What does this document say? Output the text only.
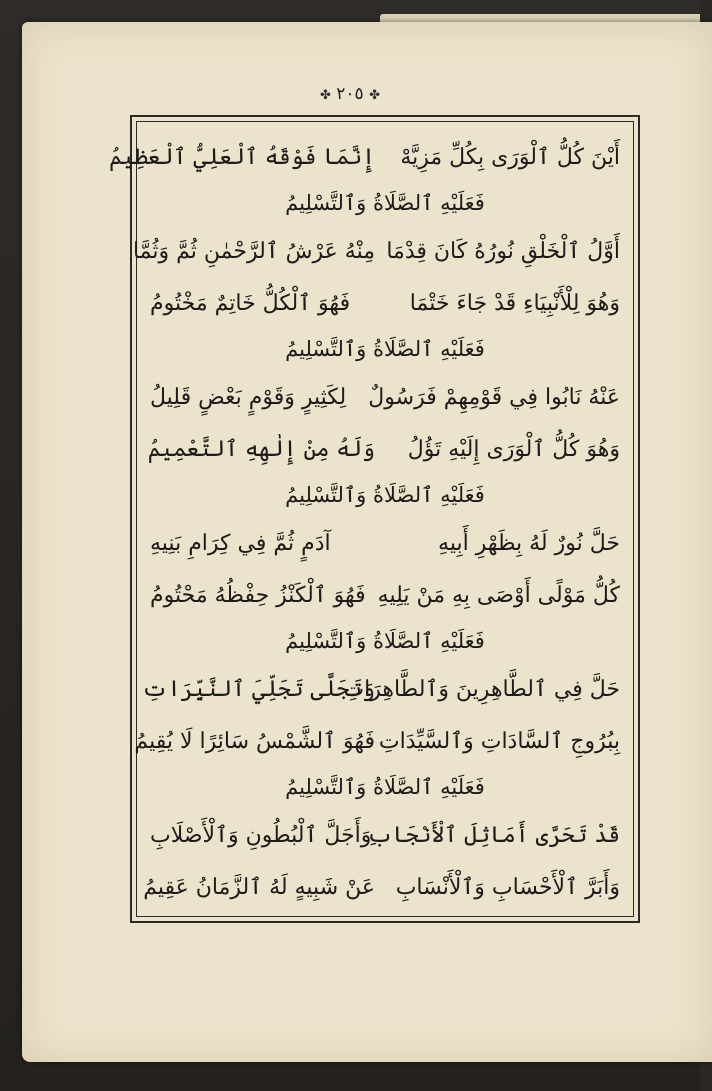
✤ ٢٠٥ ✤
أَيْنَ كُلُّ ٱلْوَرَى بِكُلِّ مَزِيَّهْ
إِنَّمَا فَوْقَهُ ٱلْعَلِيُّ ٱلْعَظِيمُ
فَعَلَيْهِ ٱلصَّلَاةُ وَٱلتَّسْلِيمُ
أَوَّلُ ٱلْخَلْقِ نُورُهُ كَانَ قِدْمَا
مِنْهُ عَرْشُ ٱلرَّحْمٰنِ ثُمَّ وَثُمَّا
وَهُوَ لِلْأَنْبِيَاءِ قَدْ جَاءَ خَتْمَا
فَهُوَ ٱلْكُلُّ خَاتِمٌ مَخْتُومُ
فَعَلَيْهِ ٱلصَّلَاةُ وَٱلتَّسْلِيمُ
عَنْهُ نَابُوا فِي قَوْمِهِمْ فَرَسُولٌ
لِكَثِيرٍ وَقَوْمٍ بَعْضٍ قَلِيلُ
وَهُوَ كُلُّ ٱلْوَرَى إِلَيْهِ تَؤُلُ
وَلَهُ مِنْ إِلٰهِهِ ٱلتَّعْمِيمُ
فَعَلَيْهِ ٱلصَّلَاةُ وَٱلتَّسْلِيمُ
حَلَّ نُورٌ لَهُ بِظَهْرِ أَبِيهِ
آدَمٍ ثُمَّ فِي كِرَامِ بَنِيهِ
كُلُّ مَوْلًى أَوْصَى بِهِ مَنْ يَلِيهِ
فَهُوَ ٱلْكَنْزُ حِفْظُهُ مَحْتُومُ
فَعَلَيْهِ ٱلصَّلَاةُ وَٱلتَّسْلِيمُ
حَلَّ فِي ٱلطَّاهِرِينَ وَٱلطَّاهِرَاتِ
وَتَجَلَّى تَجَلِّيَ ٱلنَّيِّرَاتِ
بِبُرُوجِ ٱلسَّادَاتِ وَٱلسَّيِّدَاتِ
فَهُوَ ٱلشَّمْسُ سَائِرًا لَا يُقِيمُ
فَعَلَيْهِ ٱلصَّلَاةُ وَٱلتَّسْلِيمُ
قَدْ تَحَرَّى أَمَاثِلَ ٱلْأَنْجَابِ
وَأَجَلَّ ٱلْبُطُونِ وَٱلْأَصْلَابِ
وَأَبَرَّ ٱلْأَحْسَابِ وَٱلْأَنْسَابِ
عَنْ شَبِيهٍ لَهُ ٱلزَّمَانُ عَقِيمُ
